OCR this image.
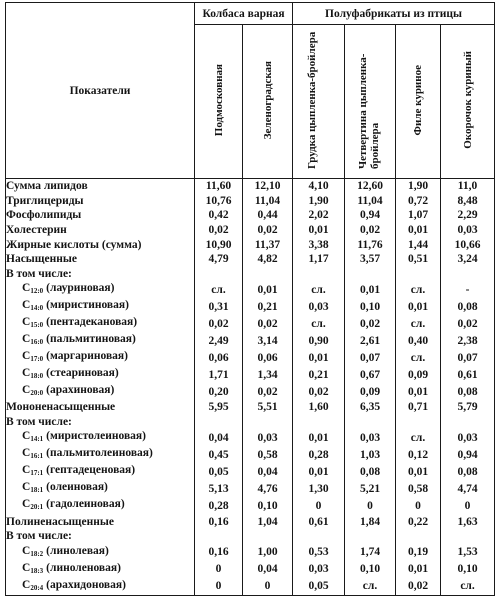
Показатели	Колбаса варная		Полуфабрикаты из птицы			
	Подмосковная	Зеленоградская	Грудка цыпленка-бройлера	Четвертина цыпленка-бройлера	Филе куриное	Окорочок куриный
Сумма липидов	11,60	12,10	4,10	12,60	1,90	11,0
Триглицериды	10,76	11,04	1,90	11,04	0,72	8,48
Фосфолипиды	0,42	0,44	2,02	0,94	1,07	2,29
Холестерин	0,02	0,02	0,01	0,02	0,01	0,03
Жирные кислоты (сумма)	10,90	11,37	3,38	11,76	1,44	10,66
Насыщенные	4,79	4,82	1,17	3,57	0,51	3,24
В том числе:						
$C_{12:0}$ (лауриновая)	сл.	0,01	сл.	0,01	сл.	-
$C_{14:0}$ (миристиновая)	0,31	0,21	0,03	0,10	0,01	0,08
$C_{15:0}$ (пентадекановая)	0,02	0,02	сл.	0,02	сл.	0,02
$C_{16:0}$ (пальмитиновая)	2,49	3,14	0,90	2,61	0,40	2,38
$C_{17:0}$ (маргариновая)	0,06	0,06	0,01	0,07	сл.	0,07
$C_{18:0}$ (стеариновая)	1,71	1,34	0,21	0,67	0,09	0,61
$C_{20:0}$ (арахиновая)	0,20	0,02	0,02	0,09	0,01	0,08
Мононенасыщенные	5,95	5,51	1,60	6,35	0,71	5,79
В том числе:						
$C_{14:1}$ (миристолеиновая)	0,04	0,03	0,01	0,03	сл.	0,03
$C_{16:1}$ (пальмитолеиновая)	0,45	0,58	0,28	1,03	0,12	0,94
$C_{17:1}$ (гептадеценовая)	0,05	0,04	0,01	0,08	0,01	0,08
$C_{18:1}$ (олеиновая)	5,13	4,76	1,30	5,21	0,58	4,74
$C_{20:1}$ (гадолеиновая)	0,28	0,10	0	0	0	0
Полиненасыщенные	0,16	1,04	0,61	1,84	0,22	1,63
В том числе:						
$C_{18:2}$ (линолевая)	0,16	1,00	0,53	1,74	0,19	1,53
$C_{18:3}$ (линоленовая)	0	0,04	0,03	0,10	0,01	0,10
$C_{20:4}$ (арахидоновая)	0	0	0,05	сл.	0,02	сл.
